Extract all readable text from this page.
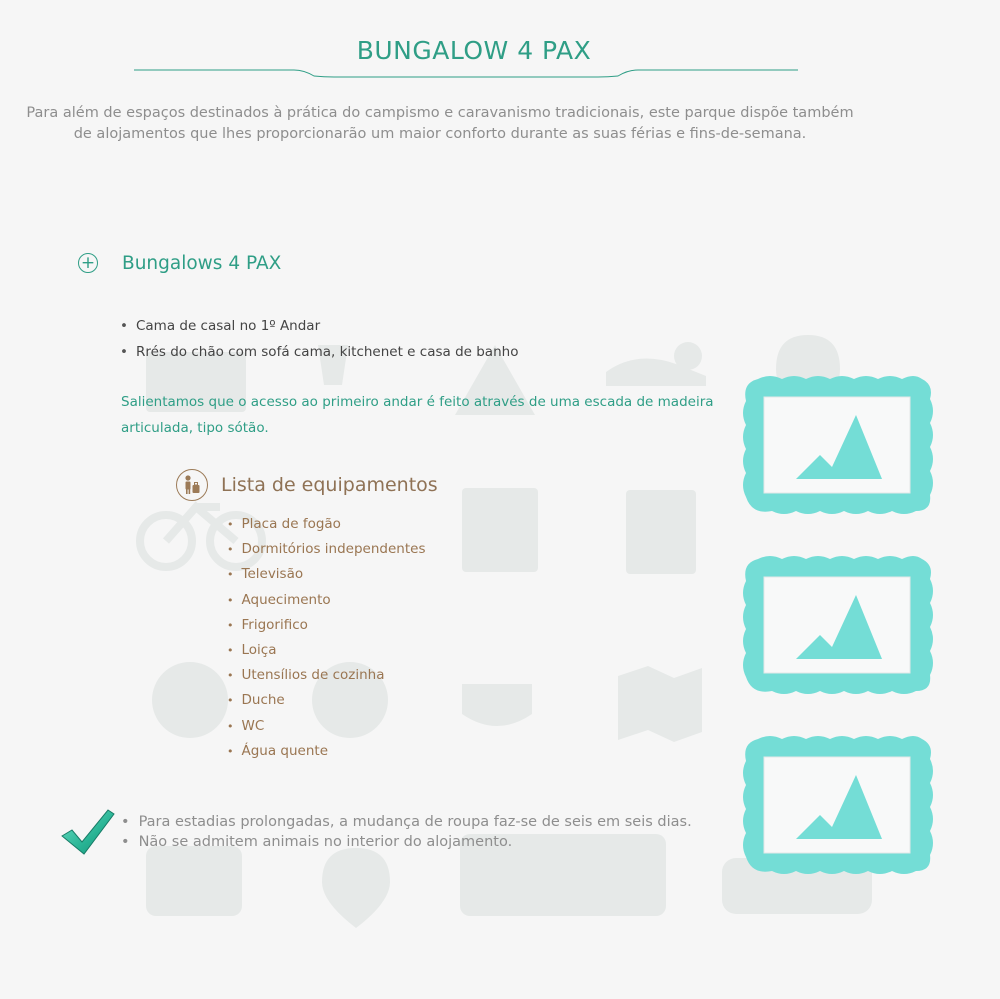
BUNGALOW 4 PAX
Para além de espaços destinados à prática do campismo e caravanismo tradicionais, este parque dispõe também
de alojamentos que lhes proporcionarão um maior conforto durante as suas férias e fins-de-semana.
+ Bungalows 4 PAX
• Cama de casal no 1º Andar
• Rrés do chão com sofá cama, kitchenet e casa de banho
Salientamos que o acesso ao primeiro andar é feito através de uma escada de madeira
articulada, tipo sótão.
Lista de equipamentos
• Placa de fogão
• Dormitórios independentes
• Televisão
• Aquecimento
• Frigorifico
• Loiça
• Utensílios de cozinha
• Duche
• WC
• Água quente
• Para estadias prolongadas, a mudança de roupa faz-se de seis em seis dias.
• Não se admitem animais no interior do alojamento.
